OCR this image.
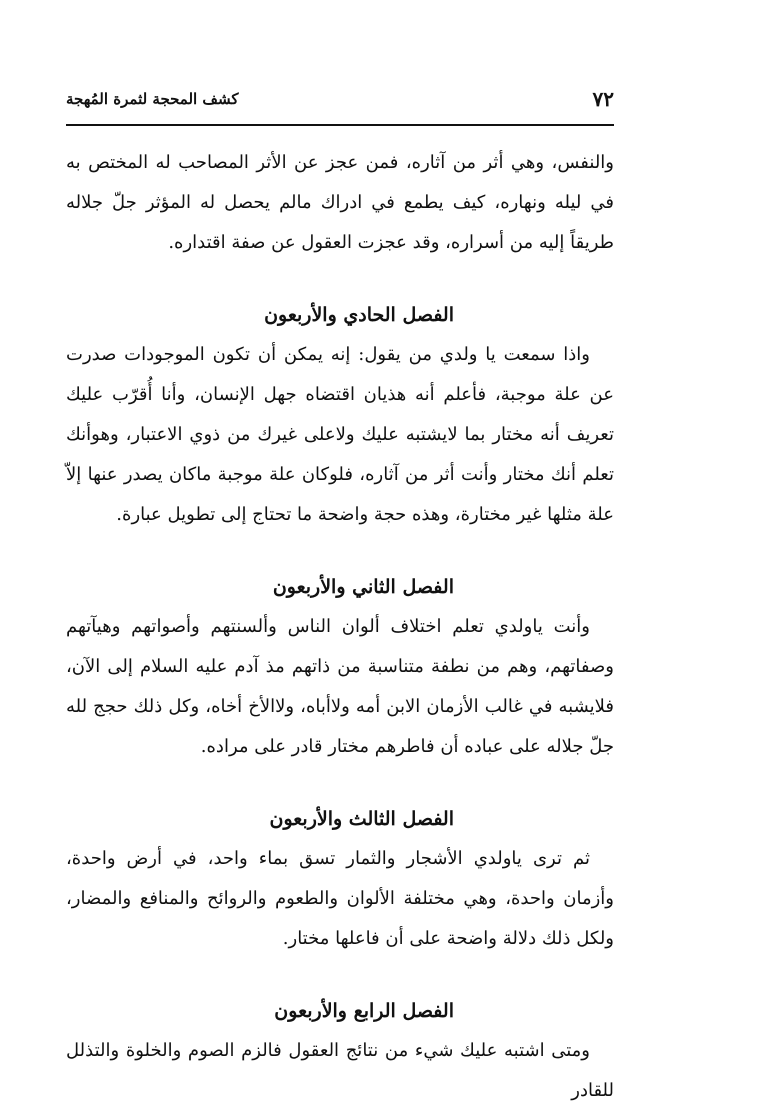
٧٢
كشف المحجة لثمرة المُهجة

والنفس، وهي أثر من آثاره، فمن عجز عن الأثر المصاحب له المختص به في ليله ونهاره، كيف يطمع في ادراك مالم يحصل له المؤثر جلّ جلاله طريقاً إليه من أسراره، وقد عجزت العقول عن صفة اقتداره.

الفصل الحادي والأربعون

واذا سمعت يا ولدي من يقول: إنه يمكن أن تكون الموجودات صدرت عن علة موجبة، فأعلم أنه هذيان اقتضاه جهل الإنسان، وأنا أُقرّب عليك تعريف أنه مختار بما لايشتبه عليك ولاعلى غيرك من ذوي الاعتبار، وهوأنك تعلم أنك مختار وأنت أثر من آثاره، فلوكان علة موجبة ماكان يصدر عنها إلاّ علة مثلها غير مختارة، وهذه حجة واضحة ما تحتاج إلى تطويل عبارة.

الفصل الثاني والأربعون

وأنت ياولدي تعلم اختلاف ألوان الناس وألسنتهم وأصواتهم وهيآتهم وصفاتهم، وهم من نطفة متناسبة من ذاتهم مذ آدم عليه السلام إلى الآن، فلايشبه في غالب الأزمان الابن أمه ولاأباه، ولاالأخ أخاه، وكل ذلك حجج لله جلّ جلاله على عباده أن فاطرهم مختار قادر على مراده.

الفصل الثالث والأربعون

ثم ترى ياولدي الأشجار والثمار تسق بماء واحد، في أرض واحدة، وأزمان واحدة، وهي مختلفة الألوان والطعوم والروائح والمنافع والمضار، ولكل ذلك دلالة واضحة على أن فاعلها مختار.

الفصل الرابع والأربعون

ومتى اشتبه عليك شيء من نتائج العقول فالزم الصوم والخلوة والتذلل للقادر
